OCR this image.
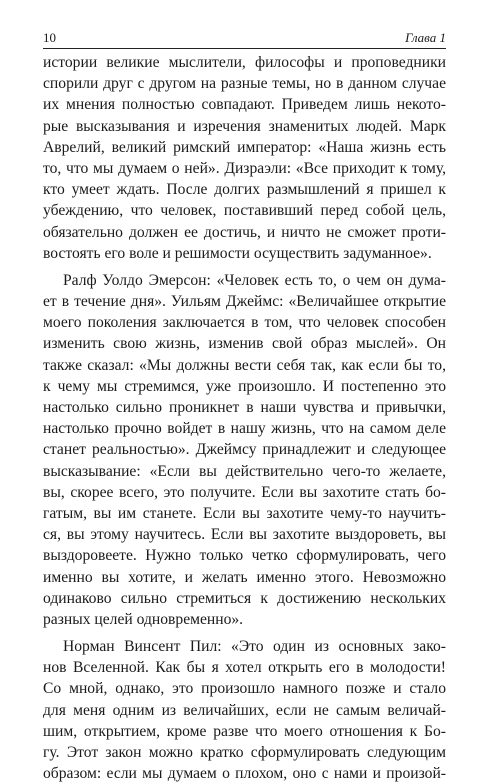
10	Глава 1
истории великие мыслители, философы и проповедники
спорили друг с другом на разные темы, но в данном случае
их мнения полностью совпадают. Приведем лишь некото-
рые высказывания и изречения знаменитых людей. Марк
Аврелий, великий римский император: «Наша жизнь есть
то, что мы думаем о ней». Дизраэли: «Все приходит к тому,
кто умеет ждать. После долгих размышлений я пришел к
убеждению, что человек, поставивший перед собой цель,
обязательно должен ее достичь, и ничто не сможет проти-
востоять его воле и решимости осуществить задуманное».
Ралф Уолдо Эмерсон: «Человек есть то, о чем он дума-
ет в течение дня». Уильям Джеймс: «Величайшее открытие
моего поколения заключается в том, что человек способен
изменить свою жизнь, изменив свой образ мыслей». Он
также сказал: «Мы должны вести себя так, как если бы то,
к чему мы стремимся, уже произошло. И постепенно это
настолько сильно проникнет в наши чувства и привычки,
настолько прочно войдет в нашу жизнь, что на самом деле
станет реальностью». Джеймсу принадлежит и следующее
высказывание: «Если вы действительно чего-то желаете,
вы, скорее всего, это получите. Если вы захотите стать бо-
гатым, вы им станете. Если вы захотите чему-то научить-
ся, вы этому научитесь. Если вы захотите выздороветь, вы
выздоровеете. Нужно только четко сформулировать, чего
именно вы хотите, и желать именно этого. Невозможно
одинаково сильно стремиться к достижению нескольких
разных целей одновременно».
Норман Винсент Пил: «Это один из основных зако-
нов Вселенной. Как бы я хотел открыть его в молодости!
Со мной, однако, это произошло намного позже и стало
для меня одним из величайших, если не самым величай-
шим, открытием, кроме разве что моего отношения к Бо-
гу. Этот закон можно кратко сформулировать следующим
образом: если мы думаем о плохом, оно с нами и произой-
